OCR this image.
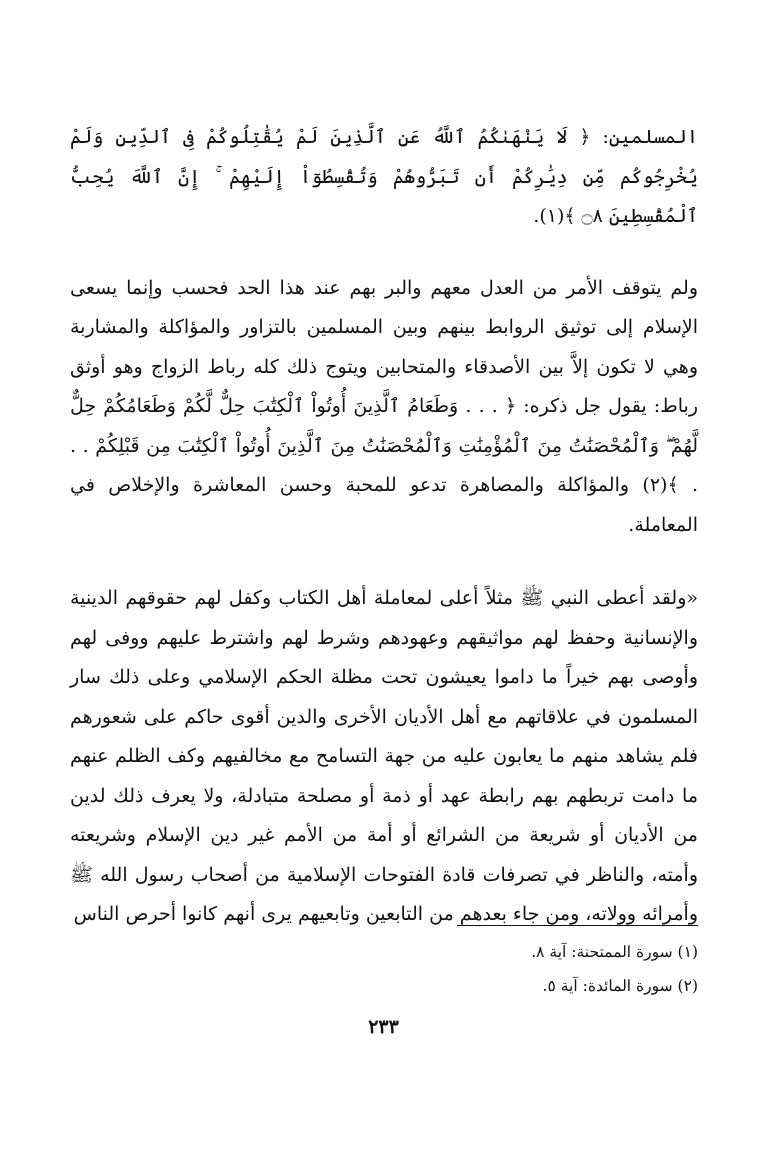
المسلمين: ﴿ لَا يَنْهَىٰكُمُ ٱللَّهُ عَنِ ٱلَّذِينَ لَمْ يُقَٰتِلُوكُمْ فِى ٱلدِّينِ وَلَمْ يُخْرِجُوكُم مِّن دِيَٰرِكُمْ أَن تَبَرُّوهُمْ وَتُقْسِطُوٓاْ إِلَيْهِمْ ۚ إِنَّ ٱللَّهَ يُحِبُّ ٱلْمُقْسِطِينَ ۝٨ ﴾(١).

ولم يتوقف الأمر من العدل معهم والبر بهم عند هذا الحد فحسب وإنما يسعى الإسلام إلى توثيق الروابط بينهم وبين المسلمين بالتزاور والمؤاكلة والمشاربة وهي لا تكون إلاَّ بين الأصدقاء والمتحابين ويتوج ذلك كله رباط الزواج وهو أوثق رباط: يقول جل ذكره: ﴿ . . . وَطَعَامُ ٱلَّذِينَ أُوتُواْ ٱلْكِتَٰبَ حِلٌّ لَّكُمْ وَطَعَامُكُمْ حِلٌّ لَّهُمْ ۖ وَٱلْمُحْصَنَٰتُ مِنَ ٱلْمُؤْمِنَٰتِ وَٱلْمُحْصَنَٰتُ مِنَ ٱلَّذِينَ أُوتُواْ ٱلْكِتَٰبَ مِن قَبْلِكُمْ . . . ﴾(٢) والمؤاكلة والمصاهرة تدعو للمحبة وحسن المعاشرة والإخلاص في المعاملة.

«ولقد أعطى النبي ﷺ مثلاً أعلى لمعاملة أهل الكتاب وكفل لهم حقوقهم الدينية والإنسانية وحفظ لهم مواثيقهم وعهودهم وشرط لهم واشترط عليهم ووفى لهم وأوصى بهم خيراً ما داموا يعيشون تحت مظلة الحكم الإسلامي وعلى ذلك سار المسلمون في علاقاتهم مع أهل الأديان الأخرى والدين أقوى حاكم على شعورهم فلم يشاهد منهم ما يعابون عليه من جهة التسامح مع مخالفيهم وكف الظلم عنهم ما دامت تربطهم بهم رابطة عهد أو ذمة أو مصلحة متبادلة، ولا يعرف ذلك لدين من الأديان أو شريعة من الشرائع أو أمة من الأمم غير دين الإسلام وشريعته وأمته، والناظر في تصرفات قادة الفتوحات الإسلامية من أصحاب رسول الله ﷺ وأمرائه وولاته، ومن جاء بعدهم من التابعين وتابعيهم يرى أنهم كانوا أحرص الناس

(١) سورة الممتحنة: آية ٨.

(٢) سورة المائدة: آية ٥.

٢٣٣
